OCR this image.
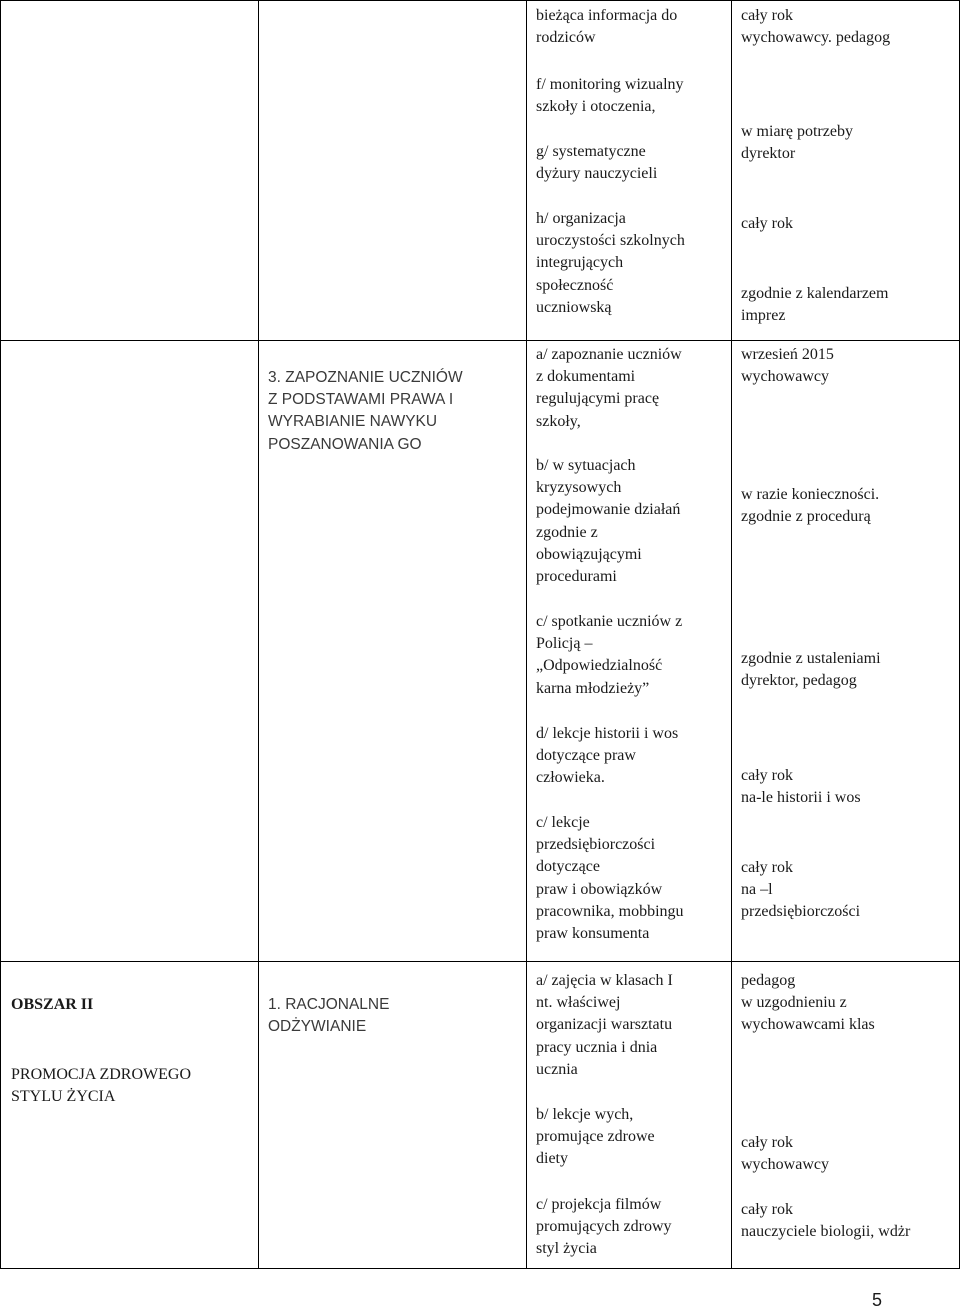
bieżąca informacja do
rodziców

f/ monitoring wizualny
szkoły i otoczenia,

g/ systematyczne
dyżury nauczycieli

h/ organizacja
uroczystości szkolnych
integrujących
społeczność
uczniowską

cały rok
wychowawcy. pedagog

w miarę potrzeby
dyrektor

cały rok

zgodnie z kalendarzem
imprez

3. ZAPOZNANIE UCZNIÓW
Z PODSTAWAMI PRAWA I
WYRABIANIE NAWYKU
POSZANOWANIA GO

a/ zapoznanie uczniów
z dokumentami
regulującymi pracę
szkoły,

b/ w sytuacjach
kryzysowych
podejmowanie działań
zgodnie z
obowiązującymi
procedurami

c/ spotkanie uczniów z
Policją –
„Odpowiedzialność
karna młodzieży”

d/ lekcje historii i wos
dotyczące praw
człowieka.

c/ lekcje
przedsiębiorczości
dotyczące
praw i obowiązków
pracownika, mobbingu
praw konsumenta

wrzesień 2015
wychowawcy

w razie konieczności.
zgodnie z procedurą

zgodnie z ustaleniami
dyrektor, pedagog

cały rok
na-le historii i wos

cały rok
na –l
przedsiębiorczości

OBSZAR II

PROMOCJA ZDROWEGO
STYLU ŻYCIA

1. RACJONALNE
ODŻYWIANIE

a/ zajęcia w klasach I
nt. właściwej
organizacji warsztatu
pracy ucznia i dnia
ucznia

b/ lekcje wych,
promujące zdrowe
diety

c/ projekcja filmów
promujących zdrowy
styl życia

pedagog
w uzgodnieniu z
wychowawcami klas

cały rok
wychowawcy

cały rok
nauczyciele biologii, wdżr

5
